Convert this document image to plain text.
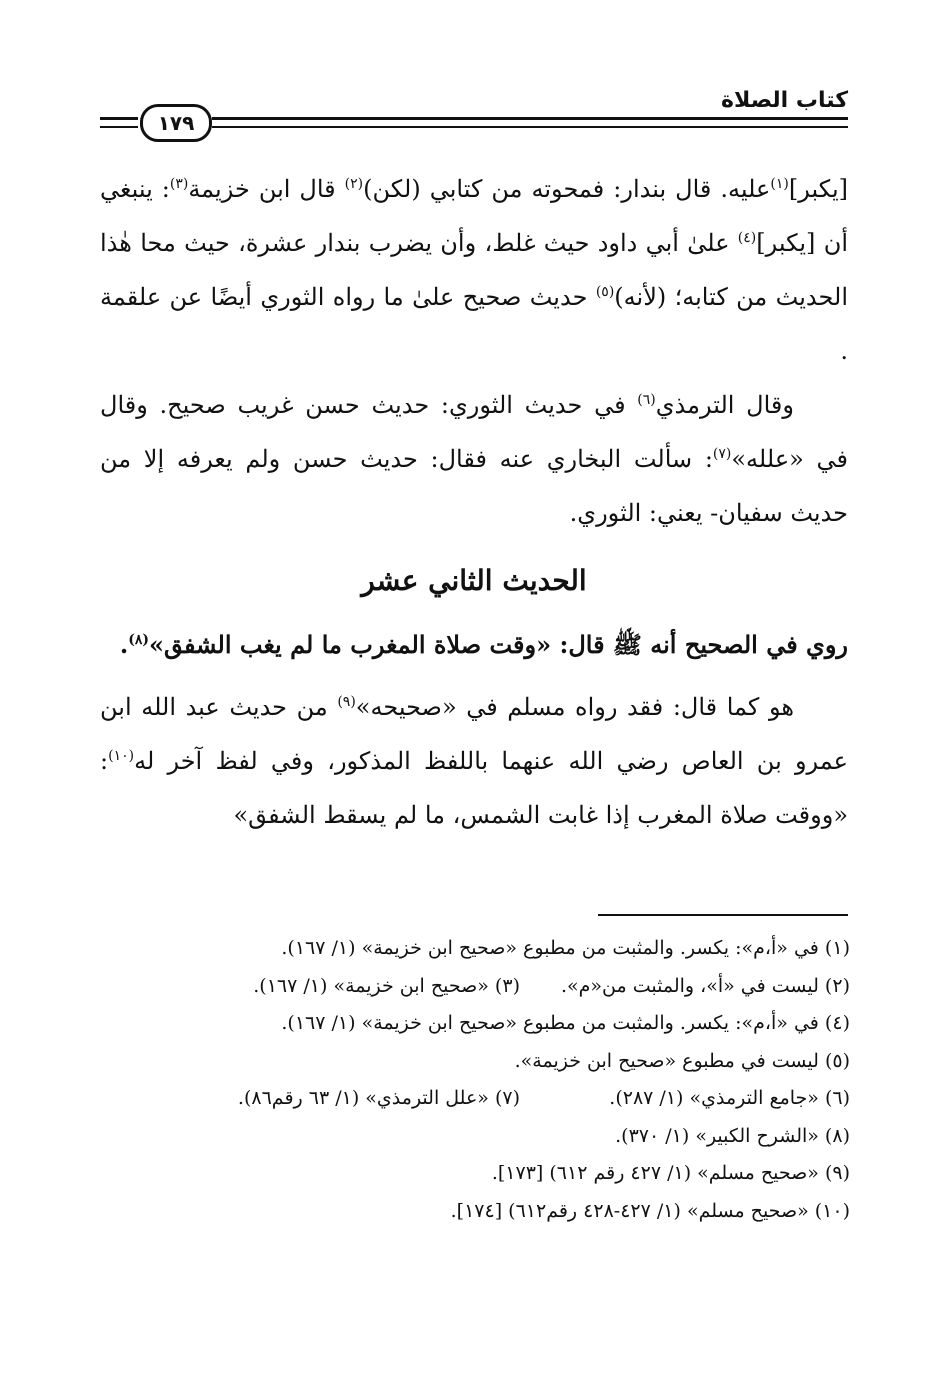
كتاب الصلاة
١٧٩

[يكبر]$^{(١)}$عليه. قال بندار: فمحوته من كتابي (لكن)$^{(٢)}$ قال ابن خزيمة$^{(٣)}$: ينبغي أن [يكبر]$^{(٤)}$ علىٰ أبي داود حيث غلط، وأن يضرب بندار عشرة، حيث محا هٰذا الحديث من كتابه؛ (لأنه)$^{(٥)}$ حديث صحيح علىٰ ما رواه الثوري أيضًا عن علقمة .

وقال الترمذي$^{(٦)}$ في حديث الثوري: حديث حسن غريب صحيح. وقال في «علله»$^{(٧)}$: سألت البخاري عنه فقال: حديث حسن ولم يعرفه إلا من حديث سفيان- يعني: الثوري.

الحديث الثاني عشر

روي في الصحيح أنه ﷺ قال: «وقت صلاة المغرب ما لم يغب الشفق»$^{(٨)}$.

هو كما قال: فقد رواه مسلم في «صحيحه»$^{(٩)}$ من حديث عبد الله ابن عمرو بن العاص رضي الله عنهما باللفظ المذكور، وفي لفظ آخر له$^{(١٠)}$: «ووقت صلاة المغرب إذا غابت الشمس، ما لم يسقط الشفق»

(١) في «أ،م»: يكسر. والمثبت من مطبوع «صحيح ابن خزيمة» (١/ ١٦٧).

(٢) ليست في «أ»، والمثبت من«م».
(٣) «صحيح ابن خزيمة» (١/ ١٦٧).

(٤) في «أ،م»: يكسر. والمثبت من مطبوع «صحيح ابن خزيمة» (١/ ١٦٧).

(٥) ليست في مطبوع «صحيح ابن خزيمة».

(٦) «جامع الترمذي» (١/ ٢٨٧).
(٧) «علل الترمذي» (١/ ٦٣ رقم٨٦).

(٨) «الشرح الكبير» (١/ ٣٧٠).

(٩) «صحيح مسلم» (١/ ٤٢٧ رقم ٦١٢) [١٧٣].

(١٠) «صحيح مسلم» (١/ ٤٢٧-٤٢٨ رقم٦١٢) [١٧٤].
